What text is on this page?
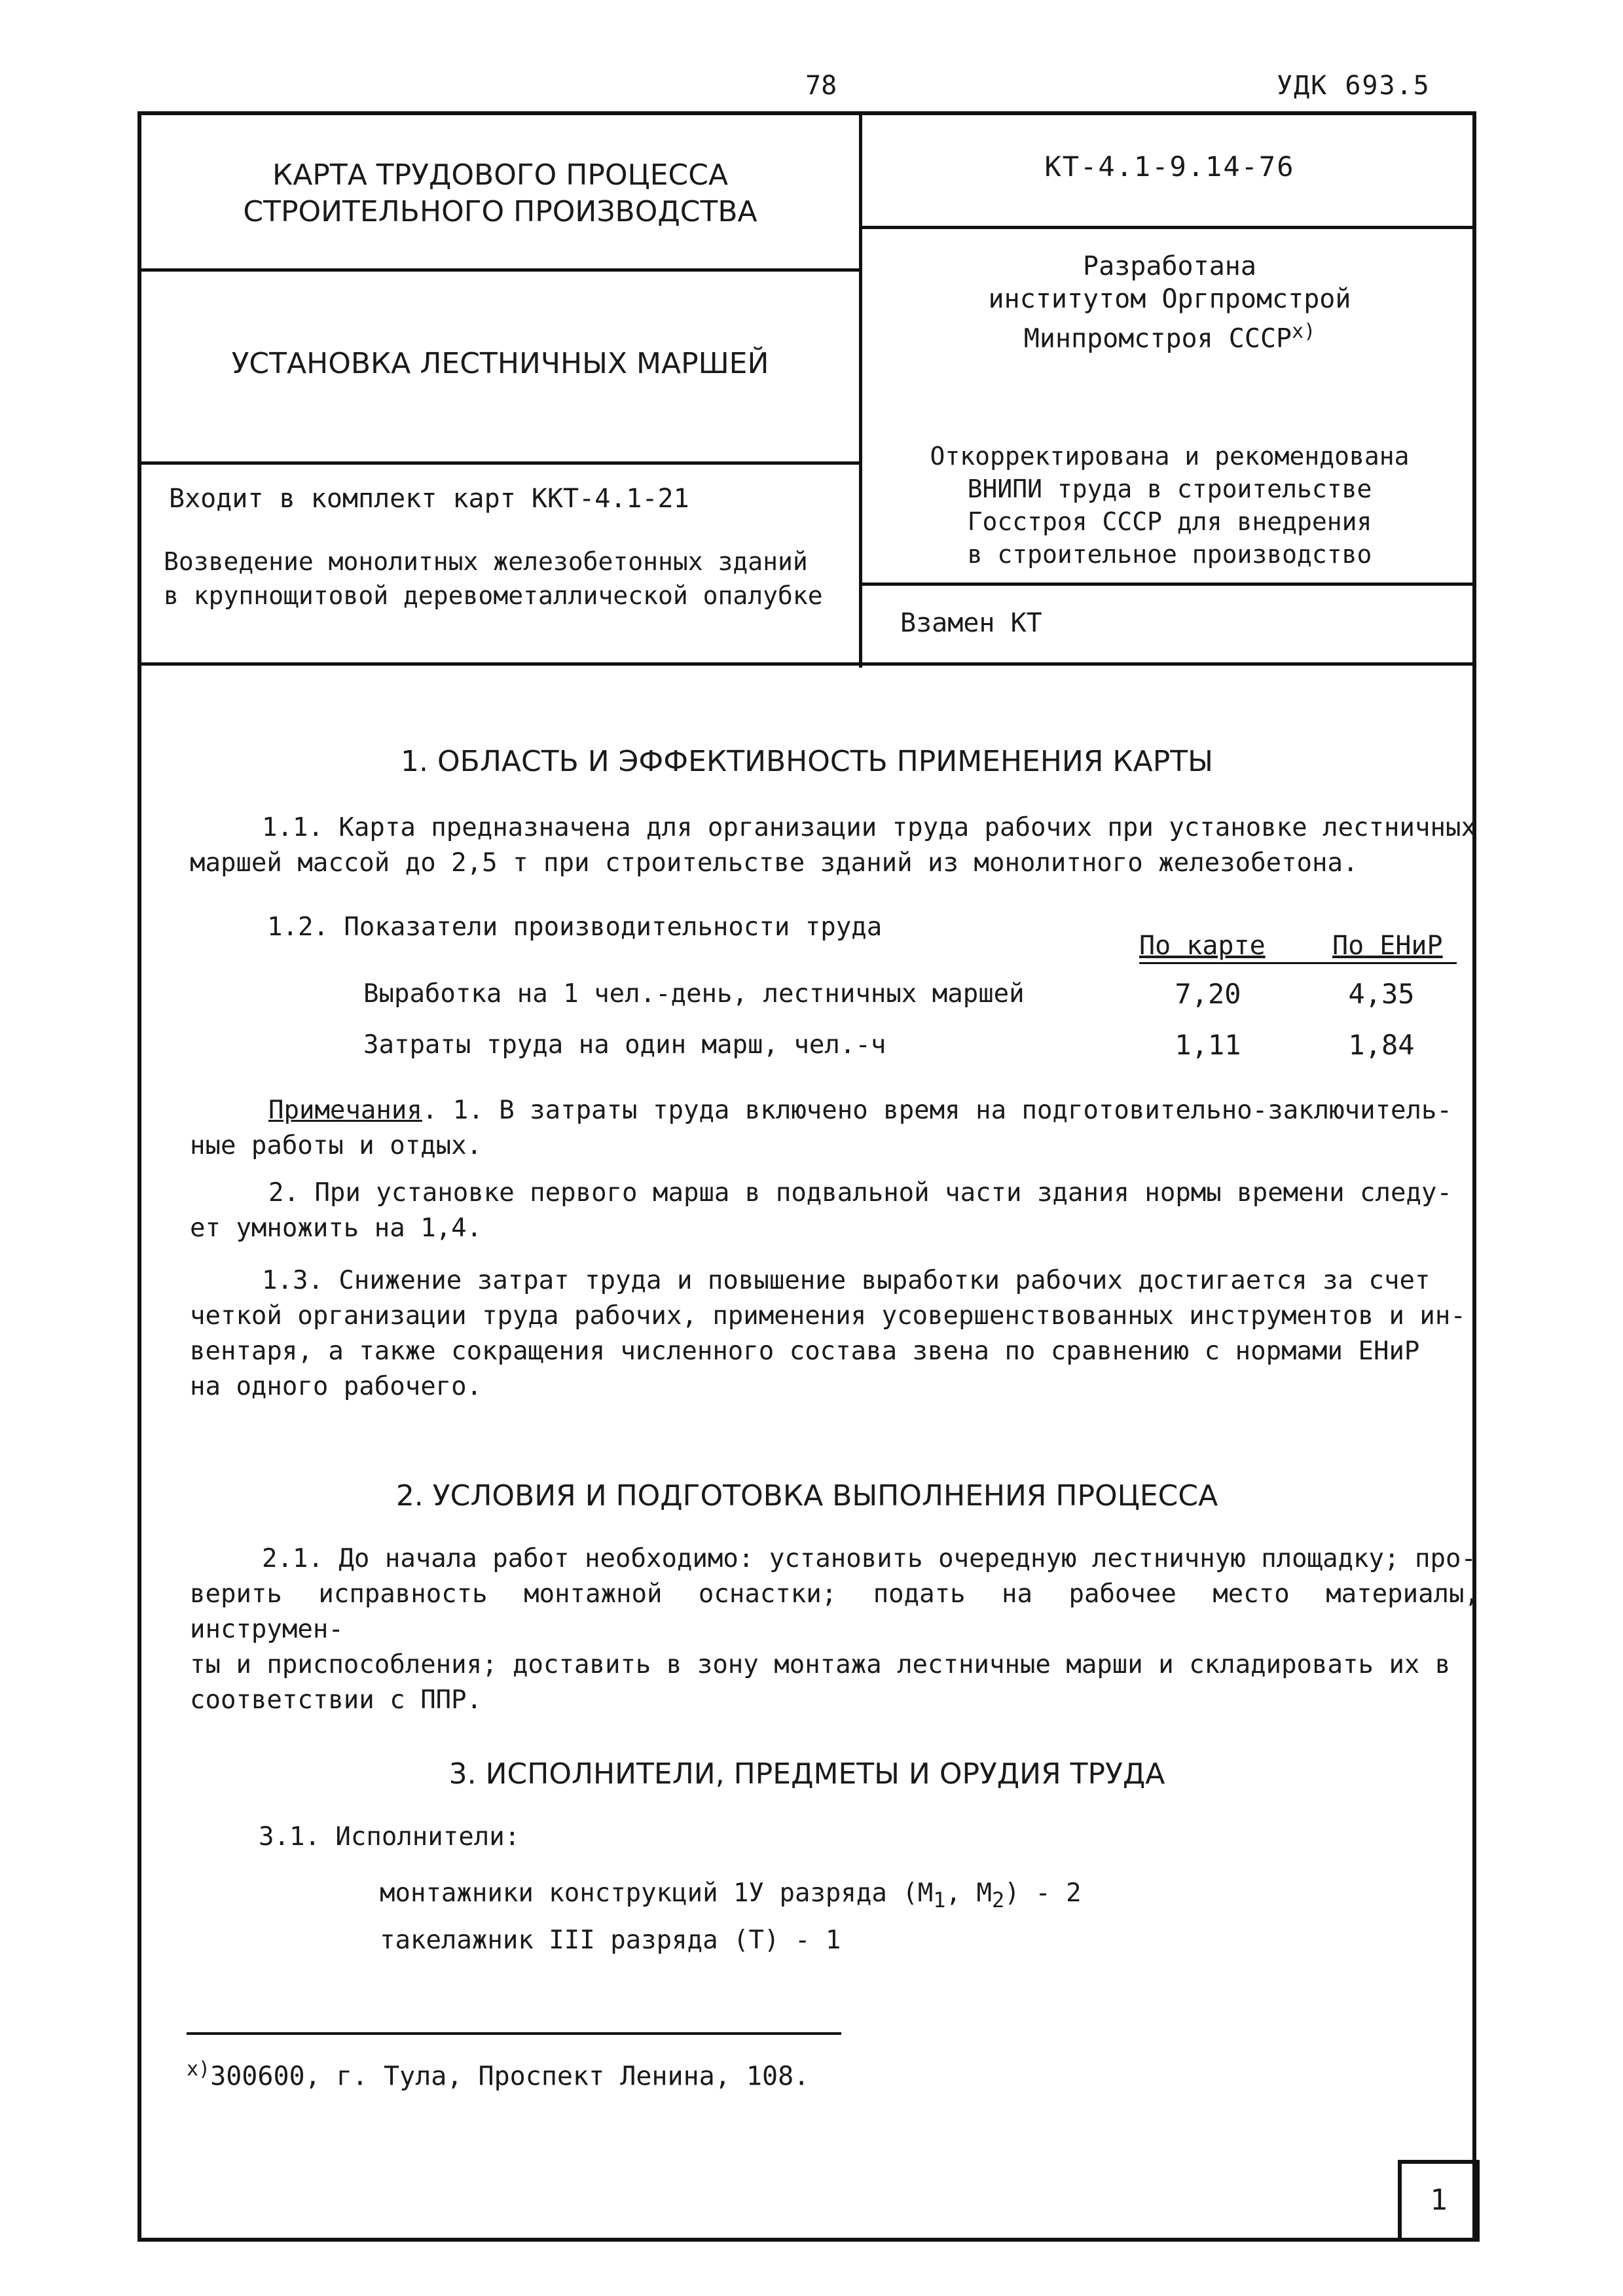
78	УДК 693.5
КАРТА ТРУДОВОГО ПРОЦЕССА
СТРОИТЕЛЬНОГО ПРОИЗВОДСТВА
УСТАНОВКА ЛЕСТНИЧНЫХ МАРШЕЙ
Входит в комплект карт ККТ-4.1-21
Возведение монолитных железобетонных зданий
в крупнощитовой деревометаллической опалубке
КТ-4.1-9.14-76
Разработана
институтом Оргпромстрой
Минпромстроя $СССР^{х)}$
Откорректирована и рекомендована
ВНИПИ труда в строительстве
Госстроя СССР для внедрения
в строительное производство
Взамен КТ
1. ОБЛАСТЬ И ЭФФЕКТИВНОСТЬ ПРИМЕНЕНИЯ КАРТЫ
1.1. Карта предназначена для организации труда рабочих при установке лестничных
маршей массой до 2,5 т при строительстве зданий из монолитного железобетона.
1.2. Показатели производительности труда
По карте	По ЕНиР
Выработка на 1 чел.-день, лестничных маршей	7,20	4,35
Затраты труда на один марш, чел.-ч	1,11	1,84
Примечания. 1. В затраты труда включено время на подготовительно-заключитель-
ные работы и отдых.
2. При установке первого марша в подвальной части здания нормы времени следу-
ет умножить на 1,4.
1.3. Снижение затрат труда и повышение выработки рабочих достигается за счет
четкой организации труда рабочих, применения усовершенствованных инструментов и ин-
вентаря, а также сокращения численного состава звена по сравнению с нормами ЕНиР
на одного рабочего.
2. УСЛОВИЯ И ПОДГОТОВКА ВЫПОЛНЕНИЯ ПРОЦЕССА
2.1. До начала работ необходимо: установить очередную лестничную площадку; про-
верить исправность монтажной оснастки; подать на рабочее место материалы, инструмен-
ты и приспособления; доставить в зону монтажа лестничные марши и складировать их в
соответствии с ППР.
3. ИСПОЛНИТЕЛИ, ПРЕДМЕТЫ И ОРУДИЯ ТРУДА
3.1. Исполнители:
монтажники конструкций 1У разряда ($М_1$, $М_2) - 2$
такелажник III разряда (Т) - 1
$^{х)}$300600, г. Тула, Проспект Ленина, 108.
1
